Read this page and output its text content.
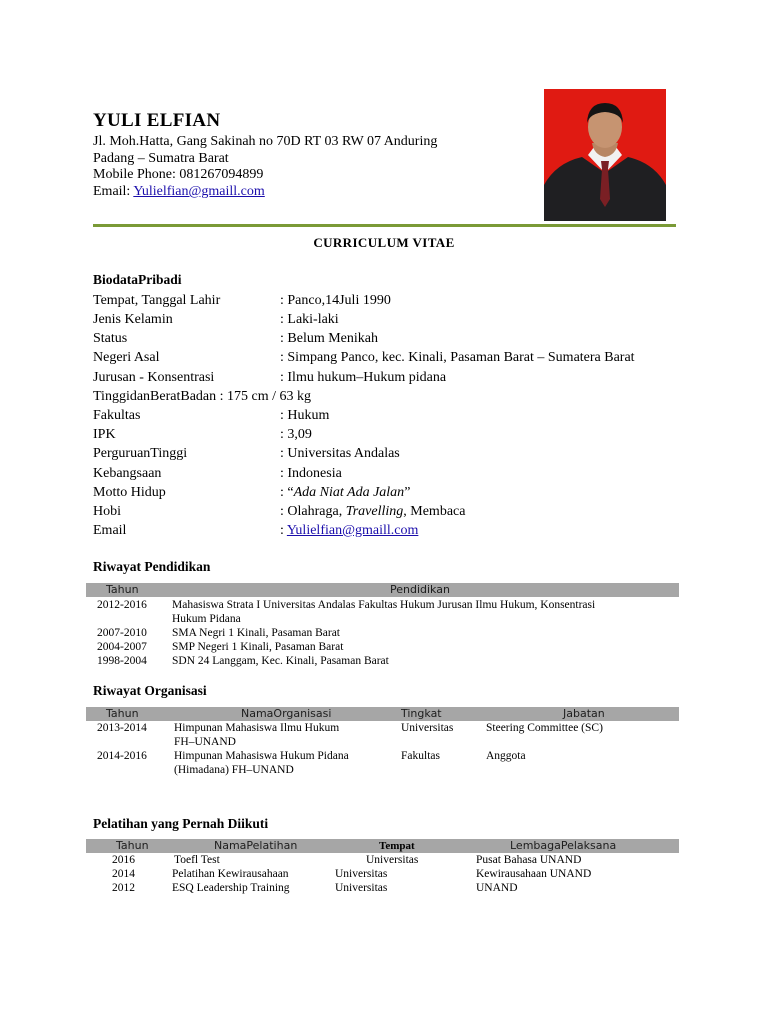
YULI ELFIAN
Jl. Moh.Hatta, Gang Sakinah no 70D RT 03 RW 07 Anduring
Padang – Sumatra Barat
Mobile Phone: 081267094899
Email: Yulielfian@gmaill.com
CURRICULUM VITAE
BiodataPribadi
Tempat, Tanggal Lahir	: Panco,14Juli 1990
Jenis Kelamin	: Laki-laki
Status	: Belum Menikah
Negeri Asal	: Simpang Panco, kec. Kinali, Pasaman Barat – Sumatera Barat
Jurusan - Konsentrasi	: Ilmu hukum–Hukum pidana
TinggidanBeratBadan : 175 cm / 63 kg
Fakultas	: Hukum
IPK	: 3,09
PerguruanTinggi	: Universitas Andalas
Kebangsaan	: Indonesia
Motto Hidup	: “Ada Niat Ada Jalan”
Hobi	: Olahraga, Travelling, Membaca
Email	: Yulielfian@gmaill.com
Riwayat Pendidikan
Tahun	Pendidikan
2012-2016 Mahasiswa Strata I Universitas Andalas Fakultas Hukum Jurusan Ilmu Hukum, Konsentrasi
Hukum Pidana
2007-2010 SMA Negri 1 Kinali, Pasaman Barat
2004-2007 SMP Negeri 1 Kinali, Pasaman Barat
1998-2004 SDN 24 Langgam, Kec. Kinali, Pasaman Barat
Riwayat Organisasi
Tahun	NamaOrganisasi	Tingkat	Jabatan
2013-2014 Himpunan Mahasiswa Ilmu Hukum	Universitas	Steering Committee (SC)
FH–UNAND
2014-2016 Himpunan Mahasiswa Hukum Pidana	Fakultas	Anggota
(Himadana) FH–UNAND
Pelatihan yang Pernah Diikuti
Tahun	NamaPelatihan	Tempat	LembagaPelaksana
2016	Toefl Test	Universitas	Pusat Bahasa UNAND
2014	Pelatihan Kewirausahaan	Universitas	Kewirausahaan UNAND
2012	ESQ Leadership Training	Universitas	UNAND
